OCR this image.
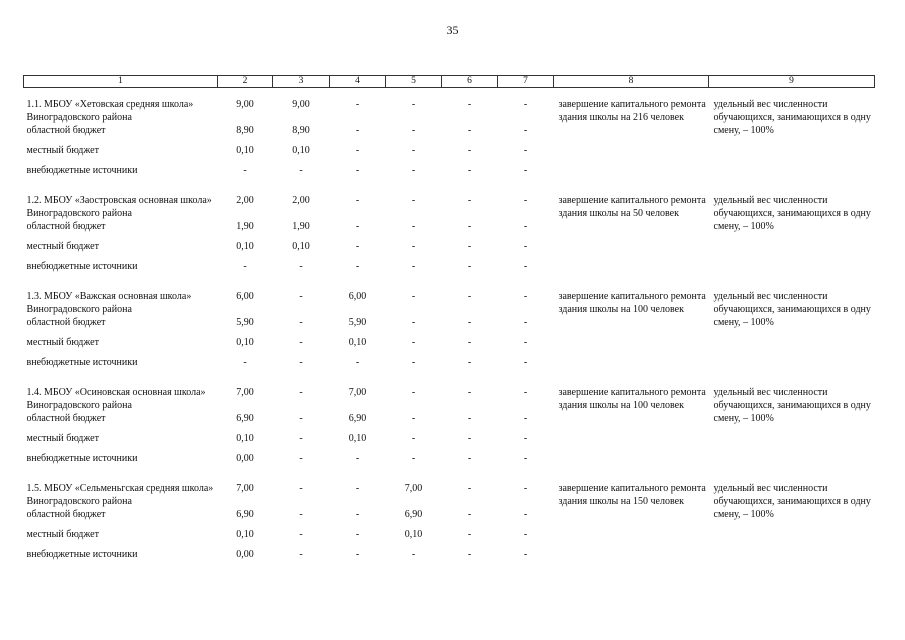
35
1	2	3	4	5	6	7	8	9

1.1. МБОУ «Хетовская средняя школа» Виноградовского района	9,00	9,00	-	-	-	-	завершение капитального ремонта здания школы на 216 человек	удельный вес численности обучающихся, занимающихся в одну смену, – 100%
областной бюджет	8,90	8,90	-	-	-	-		
местный бюджет	0,10	0,10	-	-	-	-		
внебюджетные источники	-	-	-	-	-	-		

1.2. МБОУ «Заостровская основная школа» Виноградовского района	2,00	2,00	-	-	-	-	завершение капитального ремонта здания школы на 50 человек	удельный вес численности обучающихся, занимающихся в одну смену, – 100%
областной бюджет	1,90	1,90	-	-	-	-		
местный бюджет	0,10	0,10	-	-	-	-		
внебюджетные источники	-	-	-	-	-	-		

1.3. МБОУ «Важская основная школа» Виноградовского района	6,00	-	6,00	-	-	-	завершение капитального ремонта здания школы на 100 человек	удельный вес численности обучающихся, занимающихся в одну смену, – 100%
областной бюджет	5,90	-	5,90	-	-	-		
местный бюджет	0,10	-	0,10	-	-	-		
внебюджетные источники	-	-	-	-	-	-		

1.4. МБОУ «Осиновская основная школа» Виноградовского района	7,00	-	7,00	-	-	-	завершение капитального ремонта здания школы на 100 человек	удельный вес численности обучающихся, занимающихся в одну смену, – 100%
областной бюджет	6,90	-	6,90	-	-	-		
местный бюджет	0,10	-	0,10	-	-	-		
внебюджетные источники	0,00	-	-	-	-	-		

1.5. МБОУ «Сельменьгская средняя школа» Виноградовского района	7,00	-	-	7,00	-	-	завершение капитального ремонта здания школы на 150 человек	удельный вес численности обучающихся, занимающихся в одну смену, – 100%
областной бюджет	6,90	-	-	6,90	-	-		
местный бюджет	0,10	-	-	0,10	-	-		
внебюджетные источники	0,00	-	-	-	-	-		
